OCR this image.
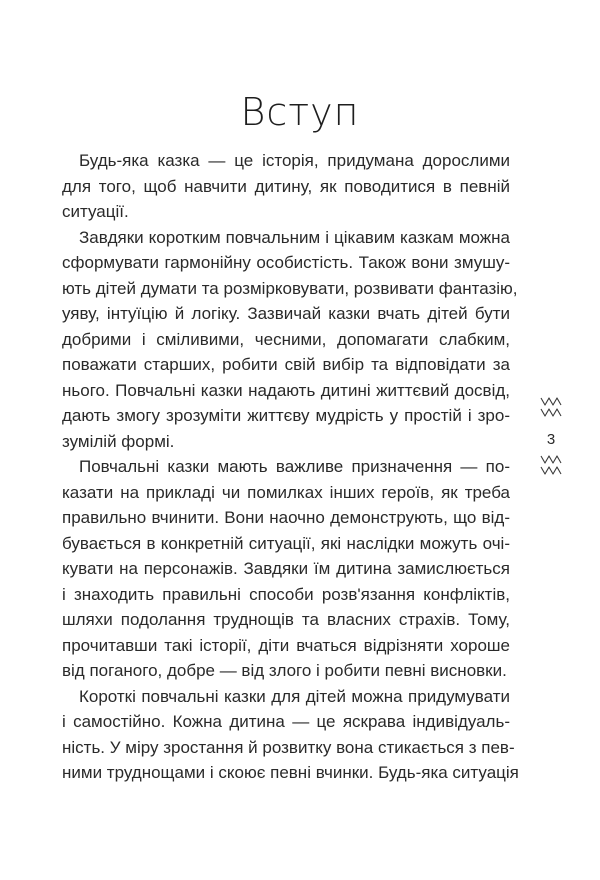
Вступ

Будь-яка казка — це історія, придумана дорослими
для того, щоб навчити дитину, як поводитися в певній
ситуації.

Завдяки коротким повчальним і цікавим казкам можна
сформувати гармонійну особистість. Також вони змушу-
ють дітей думати та розмірковувати, розвивати фантазію,
уяву, інтуїцію й логіку. Зазвичай казки вчать дітей бути
добрими і сміливими, чесними, допомагати слабким,
поважати старших, робити свій вибір та відповідати за
нього. Повчальні казки надають дитині життєвий досвід,
дають змогу зрозуміти життєву мудрість у простій і зро-
зумілій формі.

Повчальні казки мають важливе призначення — по-
казати на прикладі чи помилках інших героїв, як треба
правильно вчинити. Вони наочно демонструють, що від-
бувається в конкретній ситуації, які наслідки можуть очі-
кувати на персонажів. Завдяки їм дитина замислюється
і знаходить правильні способи розв'язання конфліктів,
шляхи подолання труднощів та власних страхів. Тому,
прочитавши такі історії, діти вчаться відрізняти хороше
від поганого, добре — від злого і робити певні висновки.

Короткі повчальні казки для дітей можна придумувати
і самостійно. Кожна дитина — це яскрава індивідуаль-
ність. У міру зростання й розвитку вона стикається з пев-
ними труднощами і скоює певні вчинки. Будь-яка ситуація

3
